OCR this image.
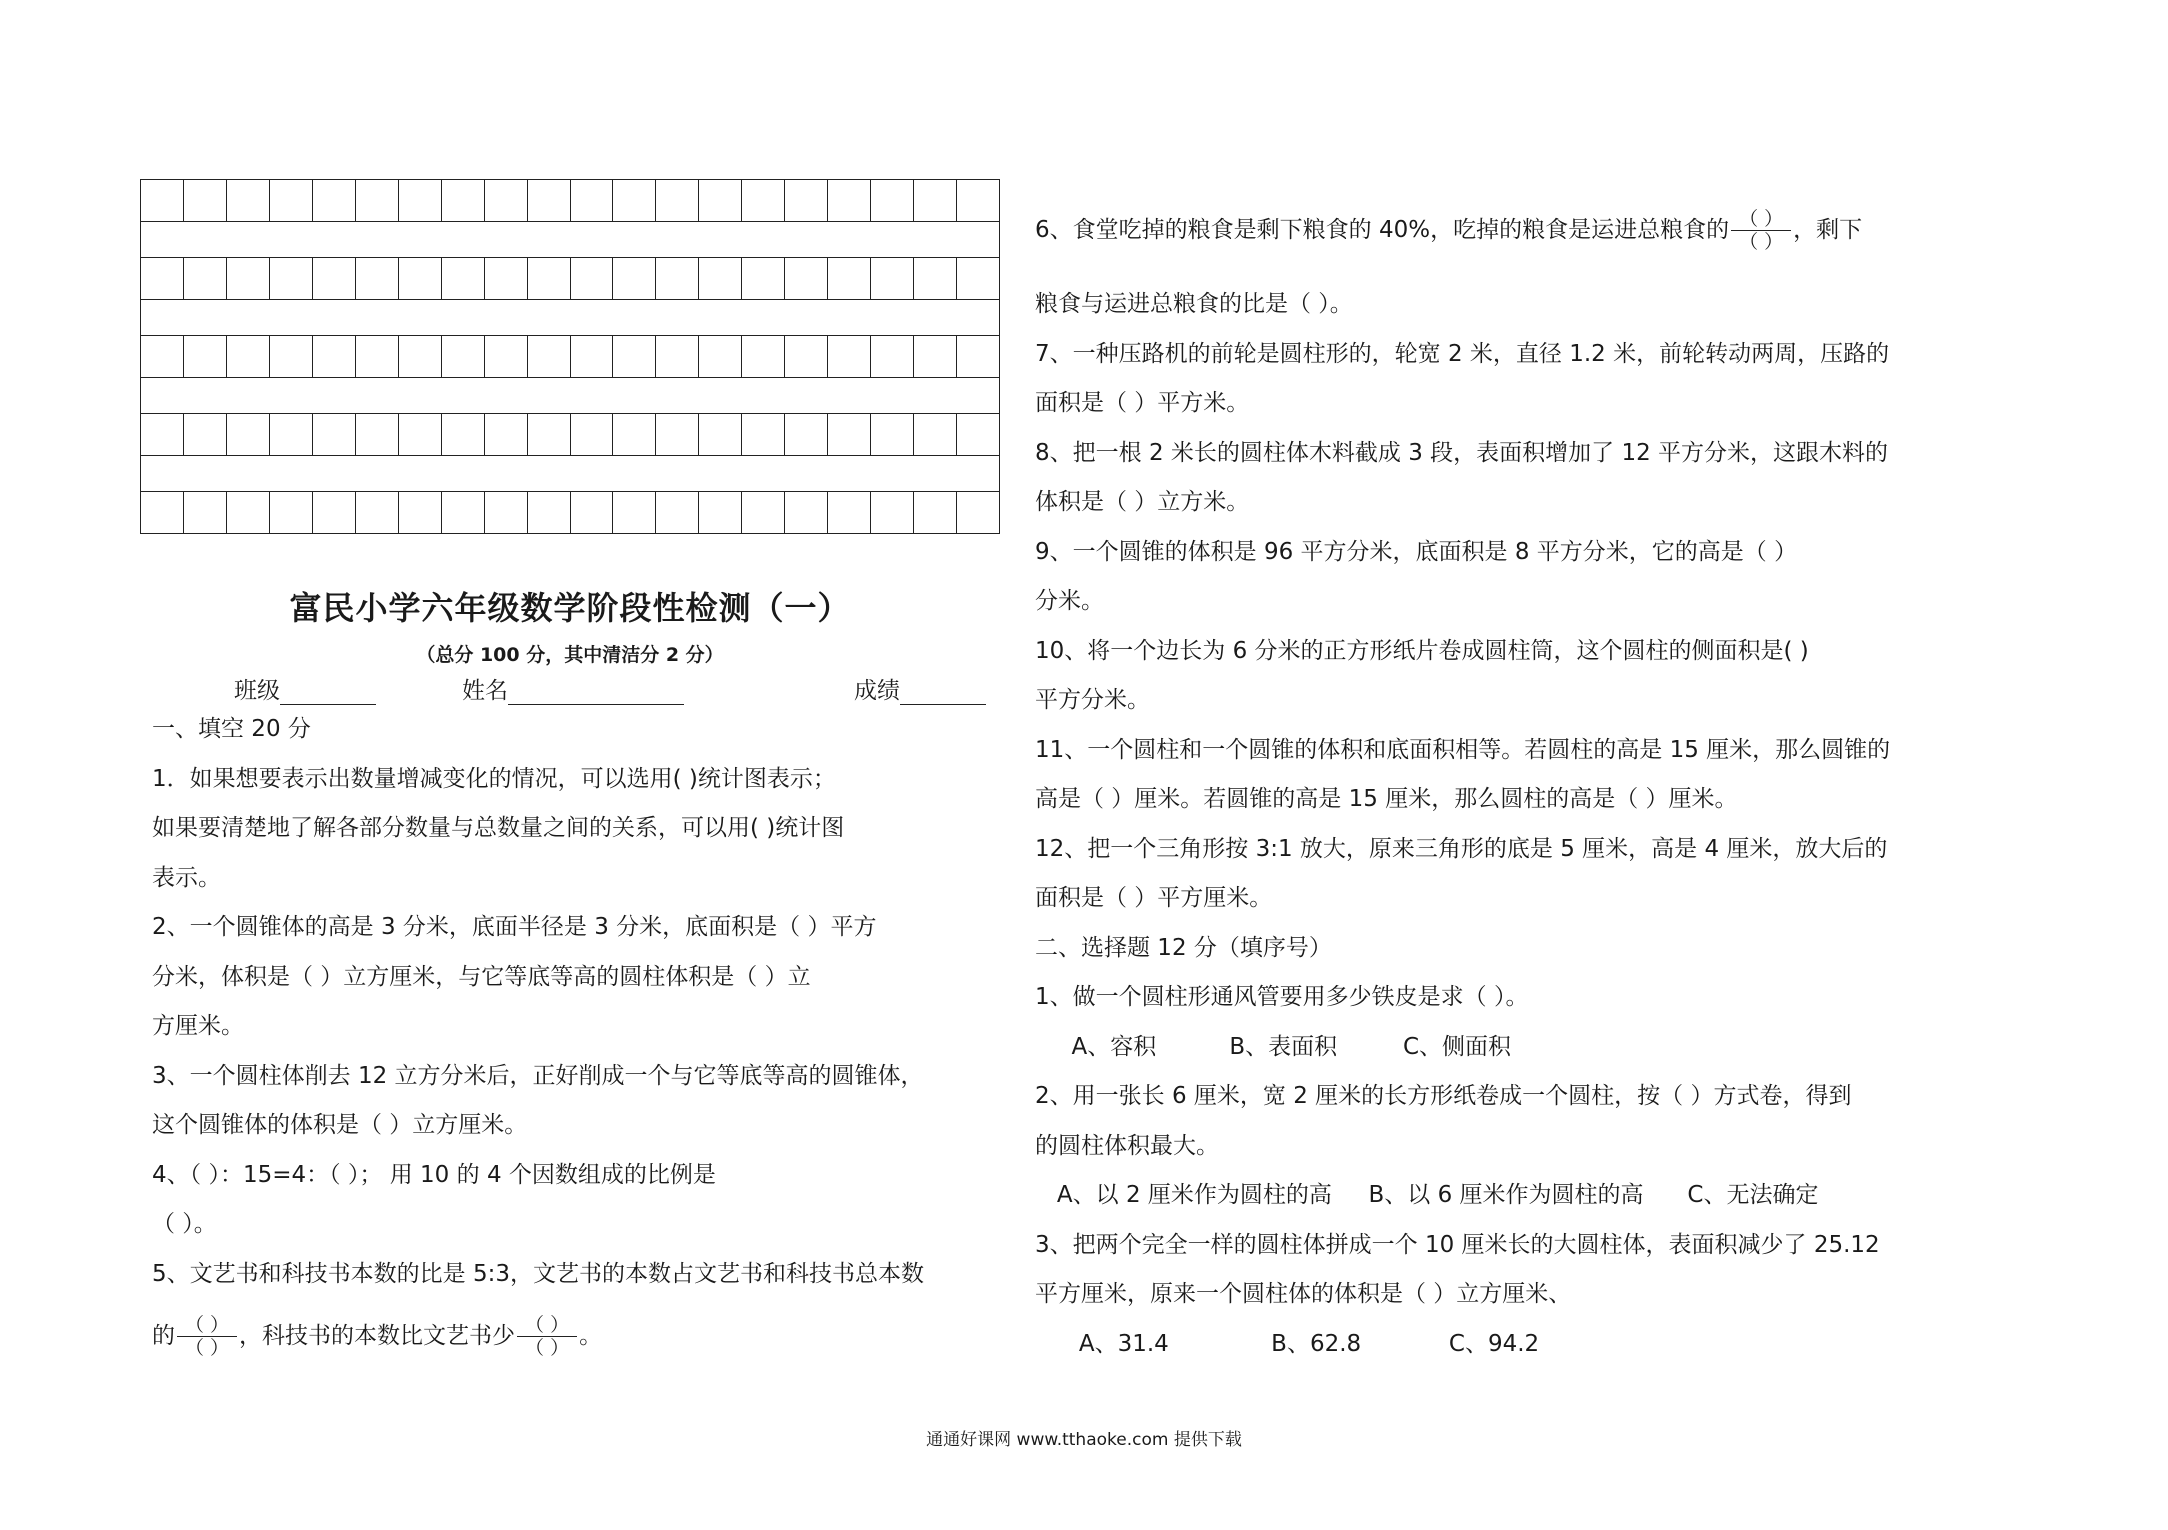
富民小学六年级数学阶段性检测（一）
（总分 100 分，其中清洁分 2 分）
班级	姓名	成绩
一、填空 20 分
1．如果想要表示出数量增减变化的情况，可以选用( )统计图表示；
如果要清楚地了解各部分数量与总数量之间的关系，可以用( )统计图
表示。
2、一个圆锥体的高是 3 分米，底面半径是 3 分米，底面积是（ ）平方
分米，体积是（ ）立方厘米，与它等底等高的圆柱体积是（ ）立
方厘米。
3、一个圆柱体削去 12 立方分米后，正好削成一个与它等底等高的圆锥体，
这个圆锥体的体积是（ ）立方厘米。
4、（ ）：15=4：（ ）； 用 10 的 4 个因数组成的比例是
（ ）。
5、文艺书和科技书本数的比是 5:3，文艺书的本数占文艺书和科技书总本数
的 $\frac{( )}{( )}$ ，科技书的本数比文艺书少 $\frac{( )}{( )}$ 。
6、食堂吃掉的粮食是剩下粮食的 40%，吃掉的粮食是运进总粮食的 $\frac{( )}{( )}$ ，剩下
粮食与运进总粮食的比是（ ）。
7、一种压路机的前轮是圆柱形的，轮宽 2 米，直径 1.2 米，前轮转动两周，压路的
面积是（ ）平方米。
8、把一根 2 米长的圆柱体木料截成 3 段，表面积增加了 12 平方分米，这跟木料的
体积是（ ）立方米。
9、一个圆锥的体积是 96 平方分米，底面积是 8 平方分米，它的高是（ ）
分米。
10、将一个边长为 6 分米的正方形纸片卷成圆柱筒，这个圆柱的侧面积是( )
平方分米。
11、一个圆柱和一个圆锥的体积和底面积相等。若圆柱的高是 15 厘米，那么圆锥的
高是（ ）厘米。若圆锥的高是 15 厘米，那么圆柱的高是（ ）厘米。
12、把一个三角形按 3:1 放大，原来三角形的底是 5 厘米，高是 4 厘米，放大后的
面积是（ ）平方厘米。
二、选择题 12 分（填序号）
1、做一个圆柱形通风管要用多少铁皮是求（ ）。
A、容积          B、表面积         C、侧面积
2、用一张长 6 厘米，宽 2 厘米的长方形纸卷成一个圆柱，按（ ）方式卷，得到
的圆柱体积最大。
A、以 2 厘米作为圆柱的高     B、以 6 厘米作为圆柱的高      C、无法确定
3、把两个完全一样的圆柱体拼成一个 10 厘米长的大圆柱体，表面积减少了 25.12
平方厘米，原来一个圆柱体的体积是（ ）立方厘米、
A、31.4              B、62.8            C、94.2
通通好课网 www.tthaoke.com 提供下载
